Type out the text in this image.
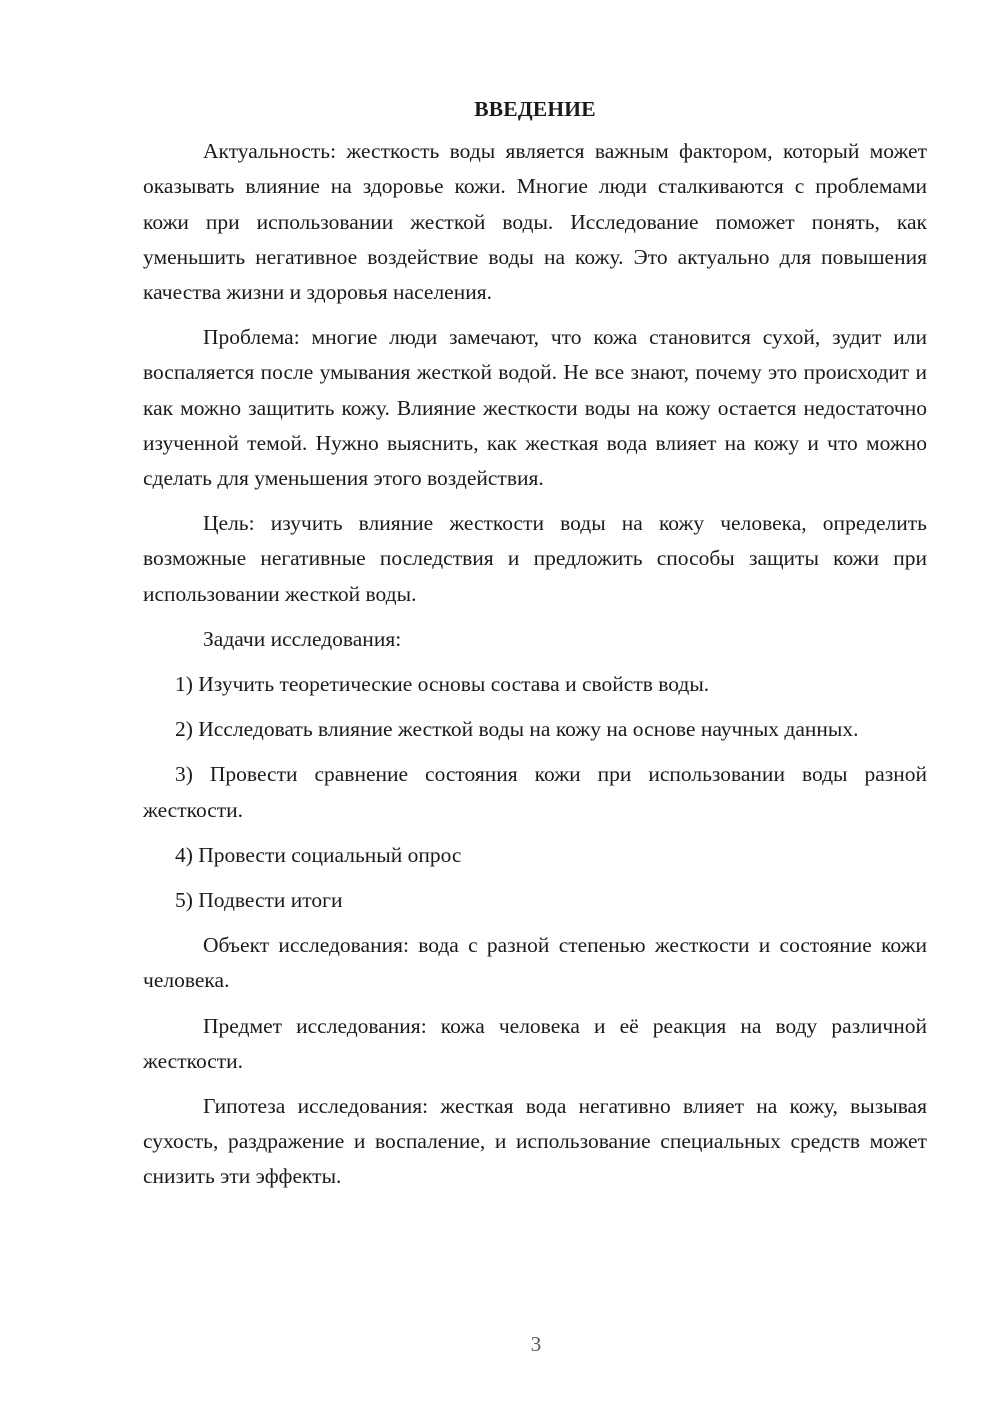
ВВЕДЕНИЕ

Актуальность: жесткость воды является важным фактором, который может оказывать влияние на здоровье кожи. Многие люди сталкиваются с проблемами кожи при использовании жесткой воды. Исследование поможет понять, как уменьшить негативное воздействие воды на кожу. Это актуально для повышения качества жизни и здоровья населения.

Проблема: многие люди замечают, что кожа становится сухой, зудит или воспаляется после умывания жесткой водой. Не все знают, почему это происходит и как можно защитить кожу. Влияние жесткости воды на кожу остается недостаточно изученной темой. Нужно выяснить, как жесткая вода влияет на кожу и что можно сделать для уменьшения этого воздействия.

Цель: изучить влияние жесткости воды на кожу человека, определить возможные негативные последствия и предложить способы защиты кожи при использовании жесткой воды.

Задачи исследования:

1) Изучить теоретические основы состава и свойств воды.

2) Исследовать влияние жесткой воды на кожу на основе научных данных.

3) Провести сравнение состояния кожи при использовании воды разной жесткости.

4) Провести социальный опрос

5) Подвести итоги

Объект исследования: вода с разной степенью жесткости и состояние кожи человека.

Предмет исследования: кожа человека и её реакция на воду различной жесткости.

Гипотеза исследования: жесткая вода негативно влияет на кожу, вызывая сухость, раздражение и воспаление, и использование специальных средств может снизить эти эффекты.

3
